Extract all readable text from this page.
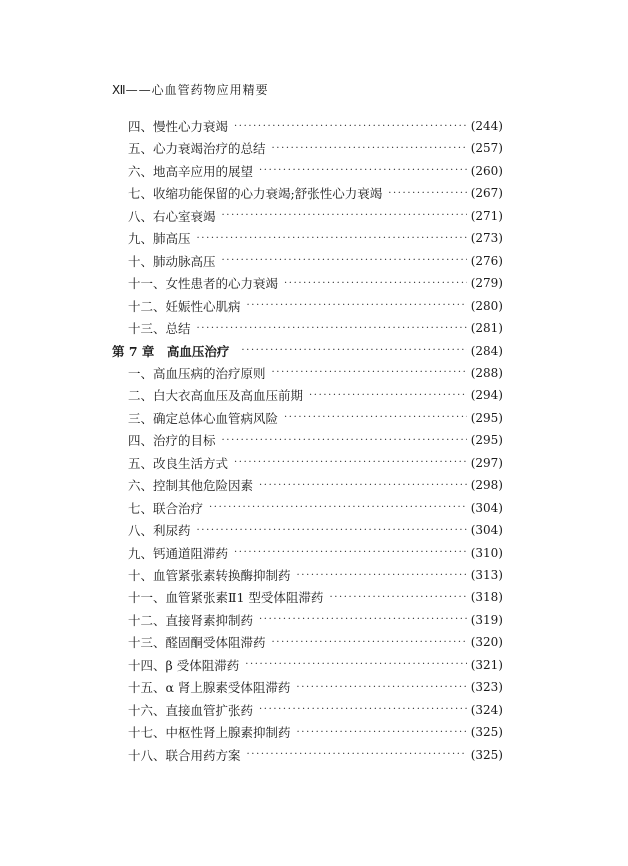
Ⅻ——心血管药物应用精要
四、慢性心力衰竭 ·····	(244)
五、心力衰竭治疗的总结 ·····	(257)
六、地高辛应用的展望 ·····	(260)
七、收缩功能保留的心力衰竭;舒张性心力衰竭 ·····	(267)
八、右心室衰竭 ·····	(271)
九、肺高压 ·····	(273)
十、肺动脉高压 ·····	(276)
十一、女性患者的心力衰竭 ·····	(279)
十二、妊娠性心肌病 ·····	(280)
十三、总结 ·····	(281)
第 7 章　高血压治疗 ·····	(284)
一、高血压病的治疗原则 ·····	(288)
二、白大衣高血压及高血压前期 ·····	(294)
三、确定总体心血管病风险 ·····	(295)
四、治疗的目标 ·····	(295)
五、改良生活方式 ·····	(297)
六、控制其他危险因素 ·····	(298)
七、联合治疗 ·····	(304)
八、利尿药 ·····	(304)
九、钙通道阻滞药 ·····	(310)
十、血管紧张素转换酶抑制药 ·····	(313)
十一、血管紧张素Ⅱ1 型受体阻滞药 ·····	(318)
十二、直接肾素抑制药 ·····	(319)
十三、醛固酮受体阻滞药 ·····	(320)
十四、β 受体阻滞药 ·····	(321)
十五、α 肾上腺素受体阻滞药 ·····	(323)
十六、直接血管扩张药 ·····	(324)
十七、中枢性肾上腺素抑制药 ·····	(325)
十八、联合用药方案 ·····	(325)
